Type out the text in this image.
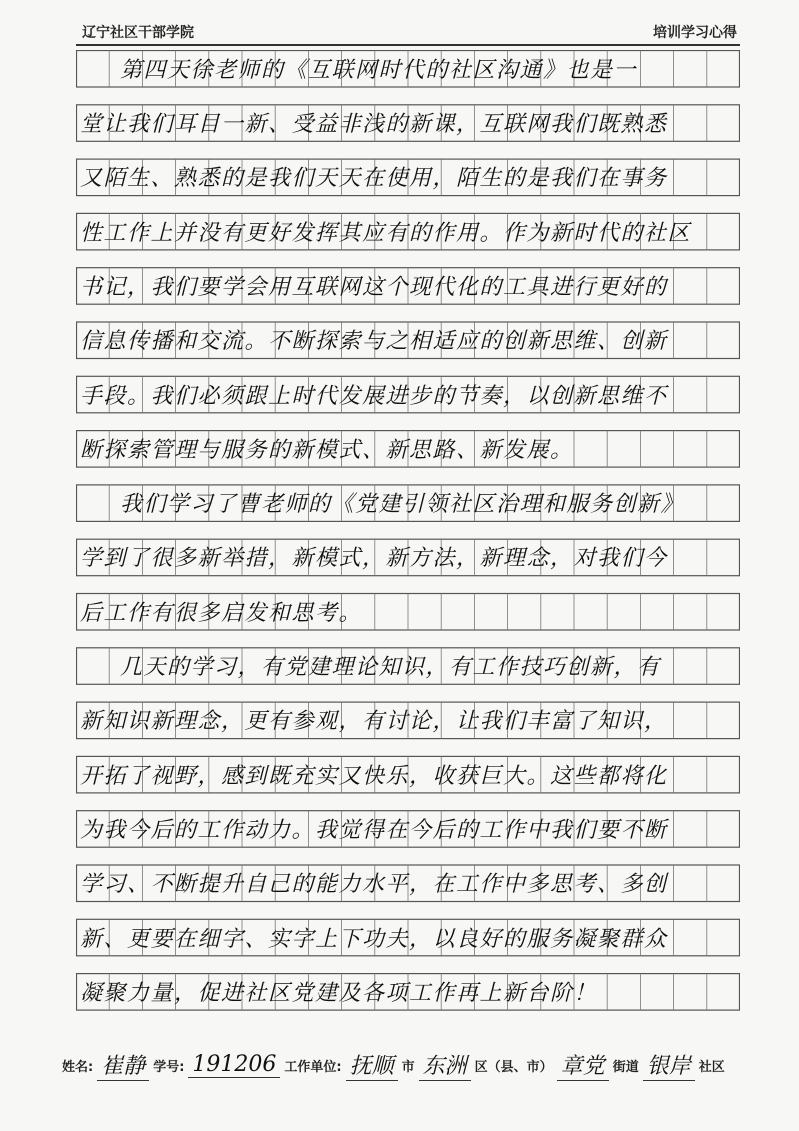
辽宁社区干部学院	培训学习心得
第四天徐老师的《互联网时代的社区沟通》也是一
堂让我们耳目一新、受益非浅的新课，互联网我们既熟悉
又陌生、熟悉的是我们天天在使用，陌生的是我们在事务
性工作上并没有更好发挥其应有的作用。作为新时代的社区
书记，我们要学会用互联网这个现代化的工具进行更好的
信息传播和交流。不断探索与之相适应的创新思维、创新
手段。我们必须跟上时代发展进步的节奏，以创新思维不
断探索管理与服务的新模式、新思路、新发展。
我们学习了曹老师的《党建引领社区治理和服务创新》
学到了很多新举措，新模式，新方法，新理念，对我们今
后工作有很多启发和思考。
几天的学习，有党建理论知识，有工作技巧创新，有
新知识新理念，更有参观，有讨论，让我们丰富了知识，
开拓了视野，感到既充实又快乐，收获巨大。这些都将化
为我今后的工作动力。我觉得在今后的工作中我们要不断
学习、不断提升自己的能力水平，在工作中多思考、多创
新、更要在细字、实字上下功夫，以良好的服务凝聚群众
凝聚力量，促进社区党建及各项工作再上新台阶！
姓名: 崔静 学号: 191206 工作单位: 抚顺 市 东洲 区（县、市） 章党 街道 银岸 社区
